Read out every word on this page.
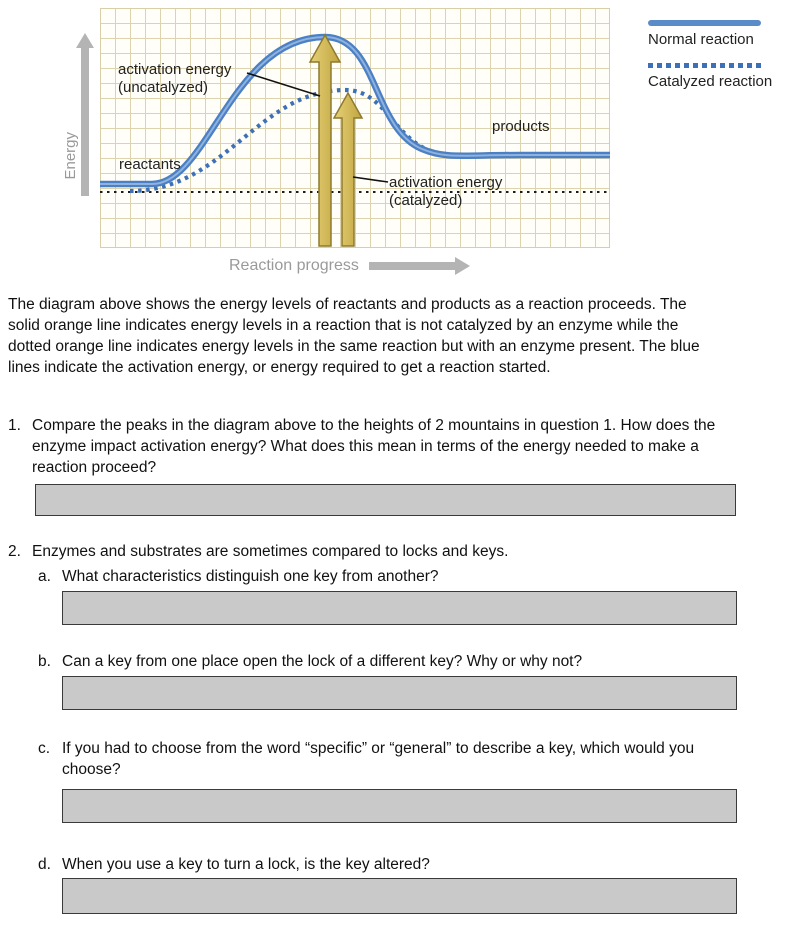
Energy
activation energy
(uncatalyzed)
reactants
products
activation energy
(catalyzed)
Normal reaction
Catalyzed reaction
Reaction progress

The diagram above shows the energy levels of reactants and products as a reaction proceeds. The solid orange line indicates energy levels in a reaction that is not catalyzed by an enzyme while the dotted orange line indicates energy levels in the same reaction but with an enzyme present. The blue lines indicate the activation energy, or energy required to get a reaction started.

1. Compare the peaks in the diagram above to the heights of 2 mountains in question 1. How does the enzyme impact activation energy? What does this mean in terms of the energy needed to make a reaction proceed?
2. Enzymes and substrates are sometimes compared to locks and keys.
a. What characteristics distinguish one key from another?
b. Can a key from one place open the lock of a different key? Why or why not?
c. If you had to choose from the word “specific” or “general” to describe a key, which would you choose?
d. When you use a key to turn a lock, is the key altered?
